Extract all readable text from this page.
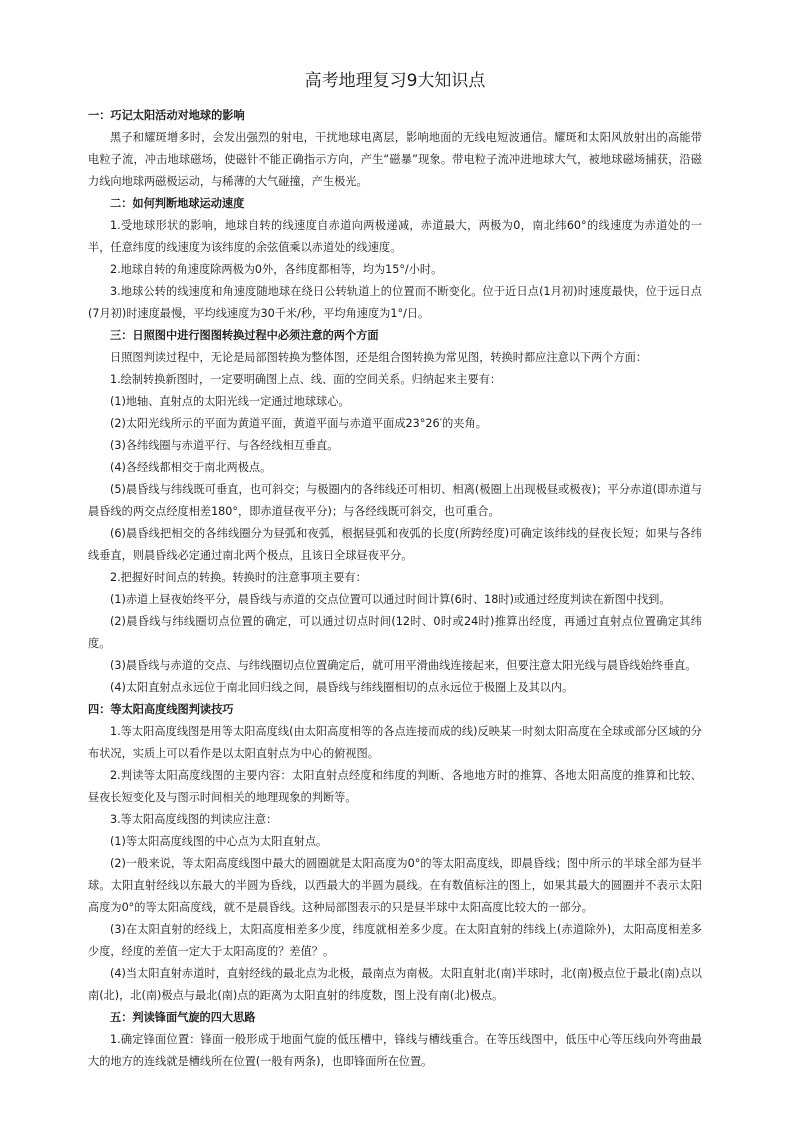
高考地理复习9大知识点
一：巧记太阳活动对地球的影响
黑子和耀斑增多时，会发出强烈的射电，干扰地球电离层，影响地面的无线电短波通信。耀斑和太阳风放射出的高能带电粒子流，冲击地球磁场，使磁针不能正确指示方向，产生“磁暴”现象。带电粒子流冲进地球大气，被地球磁场捕获，沿磁力线向地球两磁极运动，与稀薄的大气碰撞，产生极光。
二：如何判断地球运动速度
1.受地球形状的影响，地球自转的线速度自赤道向两极递减，赤道最大，两极为0，南北纬60°的线速度为赤道处的一半，任意纬度的线速度为该纬度的余弦值乘以赤道处的线速度。
2.地球自转的角速度除两极为0外，各纬度都相等，均为15°/小时。
3.地球公转的线速度和角速度随地球在绕日公转轨道上的位置而不断变化。位于近日点(1月初)时速度最快，位于远日点(7月初)时速度最慢，平均线速度为30千米/秒，平均角速度为1°/日。
三：日照图中进行图图转换过程中必须注意的两个方面
日照图判读过程中，无论是局部图转换为整体图，还是组合图转换为常见图，转换时都应注意以下两个方面：
1.绘制转换新图时，一定要明确图上点、线、面的空间关系。归纳起来主要有：
(1)地轴、直射点的太阳光线一定通过地球球心。
(2)太阳光线所示的平面为黄道平面，黄道平面与赤道平面成23°26′的夹角。
(3)各纬线圈与赤道平行、与各经线相互垂直。
(4)各经线都相交于南北两极点。
(5)晨昏线与纬线既可垂直，也可斜交；与极圈内的各纬线还可相切、相离(极圈上出现极昼或极夜)；平分赤道(即赤道与晨昏线的两交点经度相差180°，即赤道昼夜平分)；与各经线既可斜交，也可重合。
(6)晨昏线把相交的各纬线圈分为昼弧和夜弧，根据昼弧和夜弧的长度(所跨经度)可确定该纬线的昼夜长短；如果与各纬线垂直，则晨昏线必定通过南北两个极点，且该日全球昼夜平分。
2.把握好时间点的转换。转换时的注意事项主要有：
(1)赤道上昼夜始终平分，晨昏线与赤道的交点位置可以通过时间计算(6时、18时)或通过经度判读在新图中找到。
(2)晨昏线与纬线圈切点位置的确定，可以通过切点时间(12时、0时或24时)推算出经度，再通过直射点位置确定其纬度。
(3)晨昏线与赤道的交点、与纬线圈切点位置确定后，就可用平滑曲线连接起来，但要注意太阳光线与晨昏线始终垂直。
(4)太阳直射点永远位于南北回归线之间，晨昏线与纬线圈相切的点永远位于极圈上及其以内。
四：等太阳高度线图判读技巧
1.等太阳高度线图是用等太阳高度线(由太阳高度相等的各点连接而成的线)反映某一时刻太阳高度在全球或部分区域的分布状况，实质上可以看作是以太阳直射点为中心的俯视图。
2.判读等太阳高度线图的主要内容：太阳直射点经度和纬度的判断、各地地方时的推算、各地太阳高度的推算和比较、昼夜长短变化及与图示时间相关的地理现象的判断等。
3.等太阳高度线图的判读应注意：
(1)等太阳高度线图的中心点为太阳直射点。
(2)一般来说，等太阳高度线图中最大的圆圈就是太阳高度为0°的等太阳高度线，即晨昏线；图中所示的半球全部为昼半球。太阳直射经线以东最大的半圆为昏线，以西最大的半圆为晨线。在有数值标注的图上，如果其最大的圆圈并不表示太阳高度为0°的等太阳高度线，就不是晨昏线。这种局部图表示的只是昼半球中太阳高度比较大的一部分。
(3)在太阳直射的经线上，太阳高度相差多少度，纬度就相差多少度。在太阳直射的纬线上(赤道除外)，太阳高度相差多少度，经度的差值一定大于太阳高度的？差值？。
(4)当太阳直射赤道时，直射经线的最北点为北极，最南点为南极。太阳直射北(南)半球时，北(南)极点位于最北(南)点以南(北)，北(南)极点与最北(南)点的距离为太阳直射的纬度数，图上没有南(北)极点。
五：判读锋面气旋的四大思路
1.确定锋面位置：锋面一般形成于地面气旋的低压槽中，锋线与槽线重合。在等压线图中，低压中心等压线向外弯曲最大的地方的连线就是槽线所在位置(一般有两条)，也即锋面所在位置。
